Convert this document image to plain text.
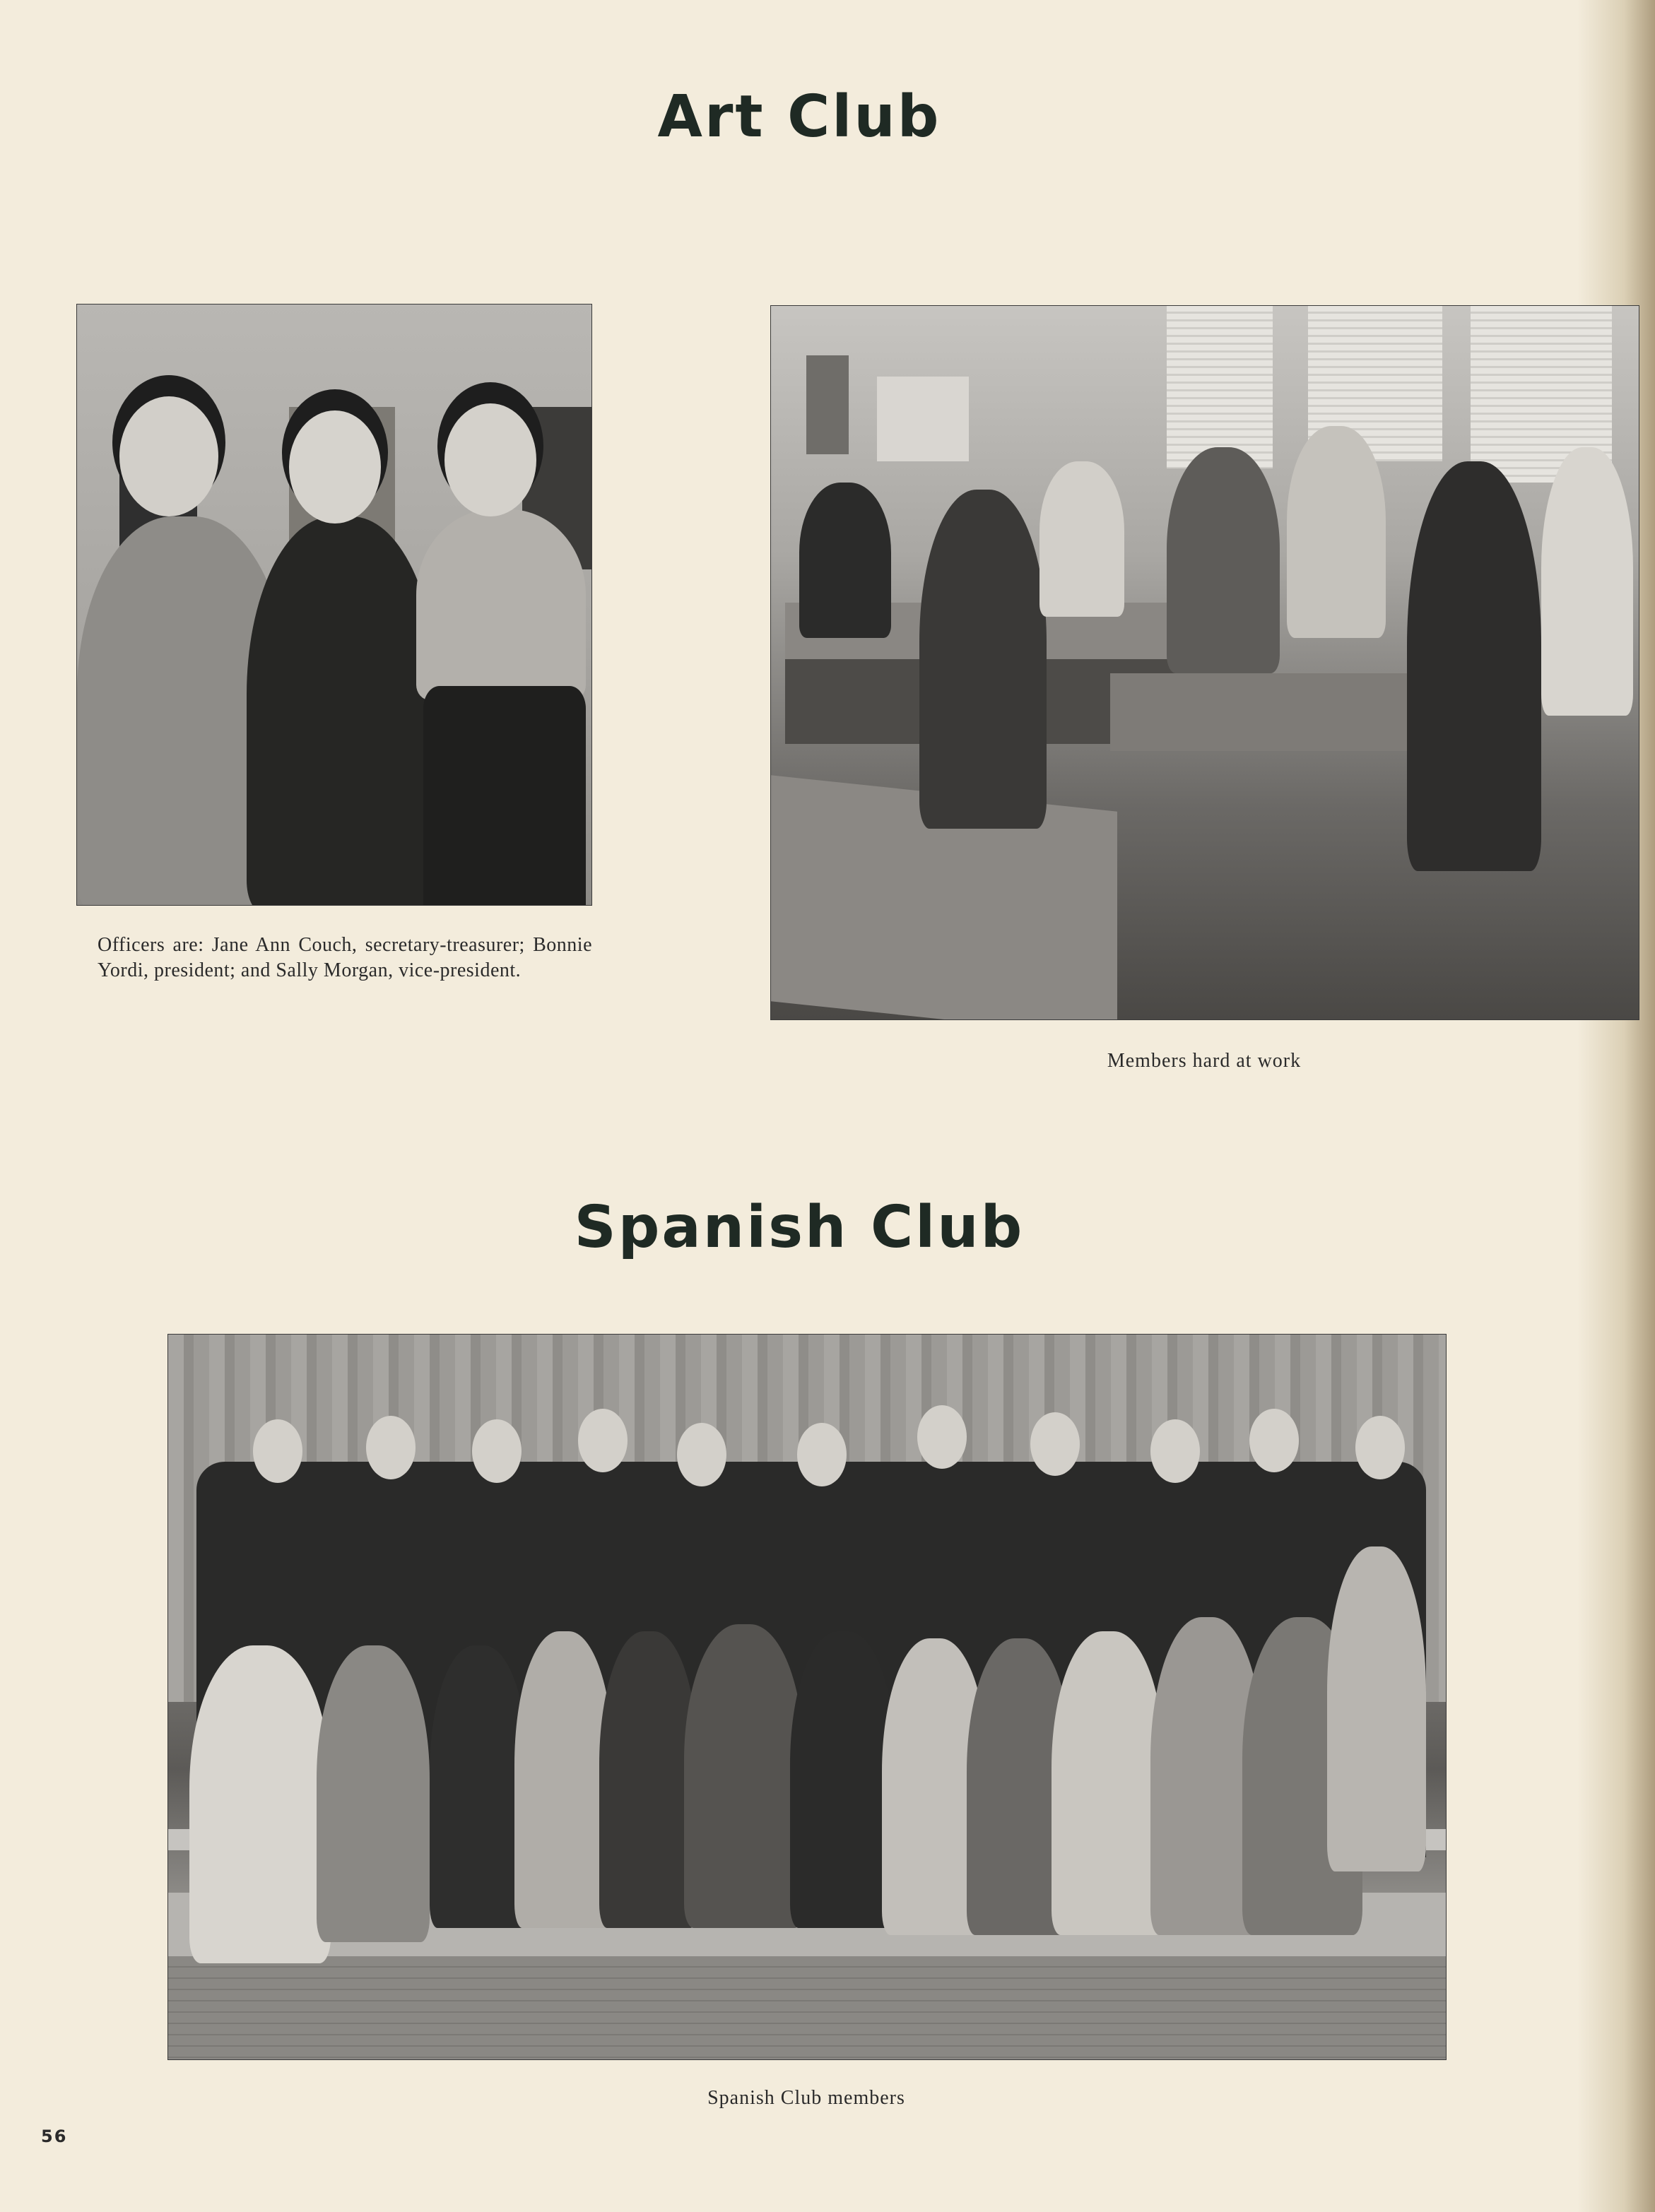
Art Club

Officers are: Jane Ann Couch, secretary-treasurer; Bonnie Yordi, president; and Sally Morgan, vice-president.

Members hard at work

Spanish Club

Spanish Club members

56
